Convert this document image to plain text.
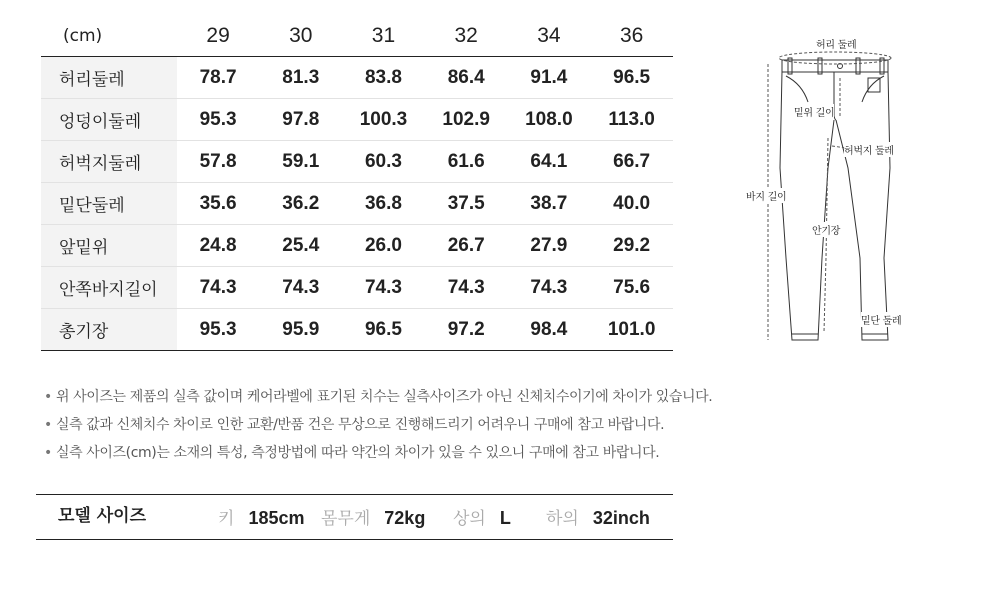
(cm)	29	30	31	32	34	36
허리둘레	78.7	81.3	83.8	86.4	91.4	96.5
엉덩이둘레	95.3	97.8	100.3	102.9	108.0	113.0
허벅지둘레	57.8	59.1	60.3	61.6	64.1	66.7
밑단둘레	35.6	36.2	36.8	37.5	38.7	40.0
앞밑위	24.8	25.4	26.0	26.7	27.9	29.2
안쪽바지길이	74.3	74.3	74.3	74.3	74.3	75.6
총기장	95.3	95.9	96.5	97.2	98.4	101.0
• 위 사이즈는 제품의 실측 값이며 케어라벨에 표기된 치수는 실측사이즈가 아닌 신체치수이기에 차이가 있습니다.
• 실측 값과 신체치수 차이로 인한 교환/반품 건은 무상으로 진행해드리기 어려우니 구매에 참고 바랍니다.
• 실측 사이즈(cm)는 소재의 특성, 측정방법에 따라 약간의 차이가 있을 수 있으니 구매에 참고 바랍니다.
모델 사이즈	키 185cm 몸무게 72kg 상의 L 하의 32inch
허리 둘레
밑위 길이
허벅지 둘레
바지 길이
안기장
밑단 둘레
